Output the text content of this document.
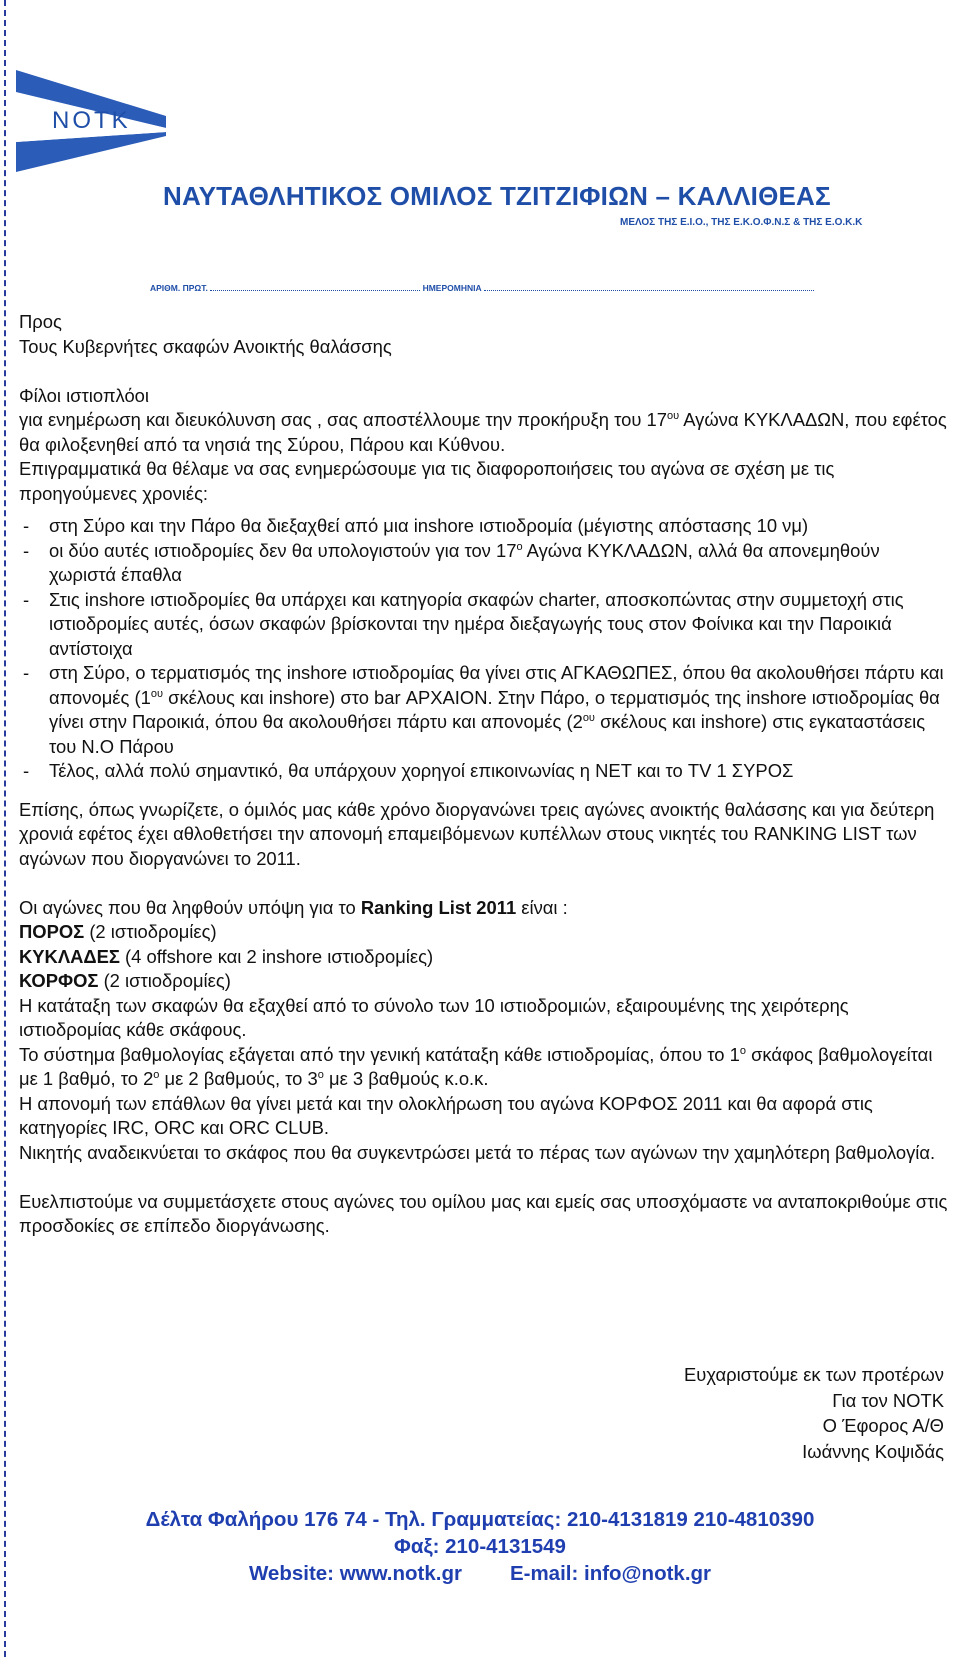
NOTK
ΝΑΥΤΑΘΛΗΤΙΚΟΣ ΟΜΙΛΟΣ ΤΖΙΤΖΙΦΙΩΝ – ΚΑΛΛΙΘΕΑΣ
ΜΕΛΟΣ ΤΗΣ Ε.Ι.Ο., ΤΗΣ Ε.Κ.Ο.Φ.Ν.Σ & ΤΗΣ Ε.Ο.Κ.Κ
ΑΡΙΘΜ. ΠΡΩΤ.	ΗΜΕΡΟΜΗΝΙΑ

Προς

Τους Κυβερνήτες σκαφών Ανοικτής θαλάσσης

Φίλοι ιστιοπλόοι

για ενημέρωση και διευκόλυνση σας , σας αποστέλλουμε την προκήρυξη του $17^{o\upsilon}$ Αγώνα ΚΥΚΛΑΔΩΝ, που εφέτος θα φιλοξενηθεί από τα νησιά της Σύρου, Πάρου και Κύθνου.

Επιγραμματικά θα θέλαμε να σας ενημερώσουμε για τις διαφοροποιήσεις του αγώνα σε σχέση με τις προηγούμενες χρονιές:

- στη Σύρο και την Πάρο θα διεξαχθεί από μια inshore ιστιοδρομία (μέγιστης απόστασης 10 νμ)

- οι δύο αυτές ιστιοδρομίες δεν θα υπολογιστούν για τον $17^o$ Αγώνα ΚΥΚΛΑΔΩΝ, αλλά θα απονεμηθούν χωριστά έπαθλα

- Στις inshore ιστιοδρομίες θα υπάρχει και κατηγορία σκαφών charter, αποσκοπώντας στην συμμετοχή στις ιστιοδρομίες αυτές, όσων σκαφών βρίσκονται την ημέρα διεξαγωγής τους στον Φοίνικα και την Παροικιά αντίστοιχα

- στη Σύρο, ο τερματισμός της inshore ιστιοδρομίας θα γίνει στις ΑΓΚΑΘΩΠΕΣ, όπου θα ακολουθήσει πάρτυ και απονομές ($1^{o\upsilon}$ σκέλους και inshore) στο bar ΑΡΧΑΙΟΝ. Στην Πάρο, ο τερματισμός της inshore ιστιοδρομίας θα γίνει στην Παροικιά, όπου θα ακολουθήσει πάρτυ και απονομές ($2^{o\upsilon}$ σκέλους και inshore) στις εγκαταστάσεις του Ν.Ο Πάρου

- Τέλος, αλλά πολύ σημαντικό, θα υπάρχουν χορηγοί επικοινωνίας η ΝΕΤ και το TV 1 ΣΥΡΟΣ

Επίσης, όπως γνωρίζετε, ο όμιλός μας κάθε χρόνο διοργανώνει τρεις αγώνες ανοικτής θαλάσσης και για δεύτερη χρονιά εφέτος έχει αθλοθετήσει την απονομή επαμειβόμενων κυπέλλων στους νικητές του RANKING LIST των αγώνων που διοργανώνει το 2011.

Οι αγώνες που θα ληφθούν υπόψη για το Ranking List 2011 είναι :

ΠΟΡΟΣ (2 ιστιοδρομίες)

ΚΥΚΛΑΔΕΣ (4 offshore και 2 inshore ιστιοδρομίες)

ΚΟΡΦΟΣ (2 ιστιοδρομίες)

Η κατάταξη των σκαφών θα εξαχθεί από το σύνολο των 10 ιστιοδρομιών, εξαιρουμένης της χειρότερης ιστιοδρομίας κάθε σκάφους.

Το σύστημα βαθμολογίας εξάγεται από την γενική κατάταξη κάθε ιστιοδρομίας, όπου το $1^o$ σκάφος βαθμολογείται με 1 βαθμό, το $2^o$ με 2 βαθμούς, το $3^o$ με 3 βαθμούς κ.ο.κ.

Η απονομή των επάθλων θα γίνει μετά και την ολοκλήρωση του αγώνα ΚΟΡΦΟΣ 2011 και θα αφορά στις κατηγορίες IRC, ORC και ORC CLUB.

Νικητής αναδεικνύεται το σκάφος που θα συγκεντρώσει μετά το πέρας των αγώνων την χαμηλότερη βαθμολογία.

Ευελπιστούμε να συμμετάσχετε στους αγώνες του ομίλου μας και εμείς σας υποσχόμαστε να ανταποκριθούμε στις προσδοκίες σε επίπεδο διοργάνωσης.

Ευχαριστούμε εκ των προτέρων

Για τον ΝΟΤΚ

Ο Έφορος Α/Θ

Ιωάννης Κοψιδάς

Δέλτα Φαλήρου 176 74 - Τηλ. Γραμματείας: 210-4131819 210-4810390

Φαξ: 210-4131549

Website: www.notk.gr E-mail: info@notk.gr
